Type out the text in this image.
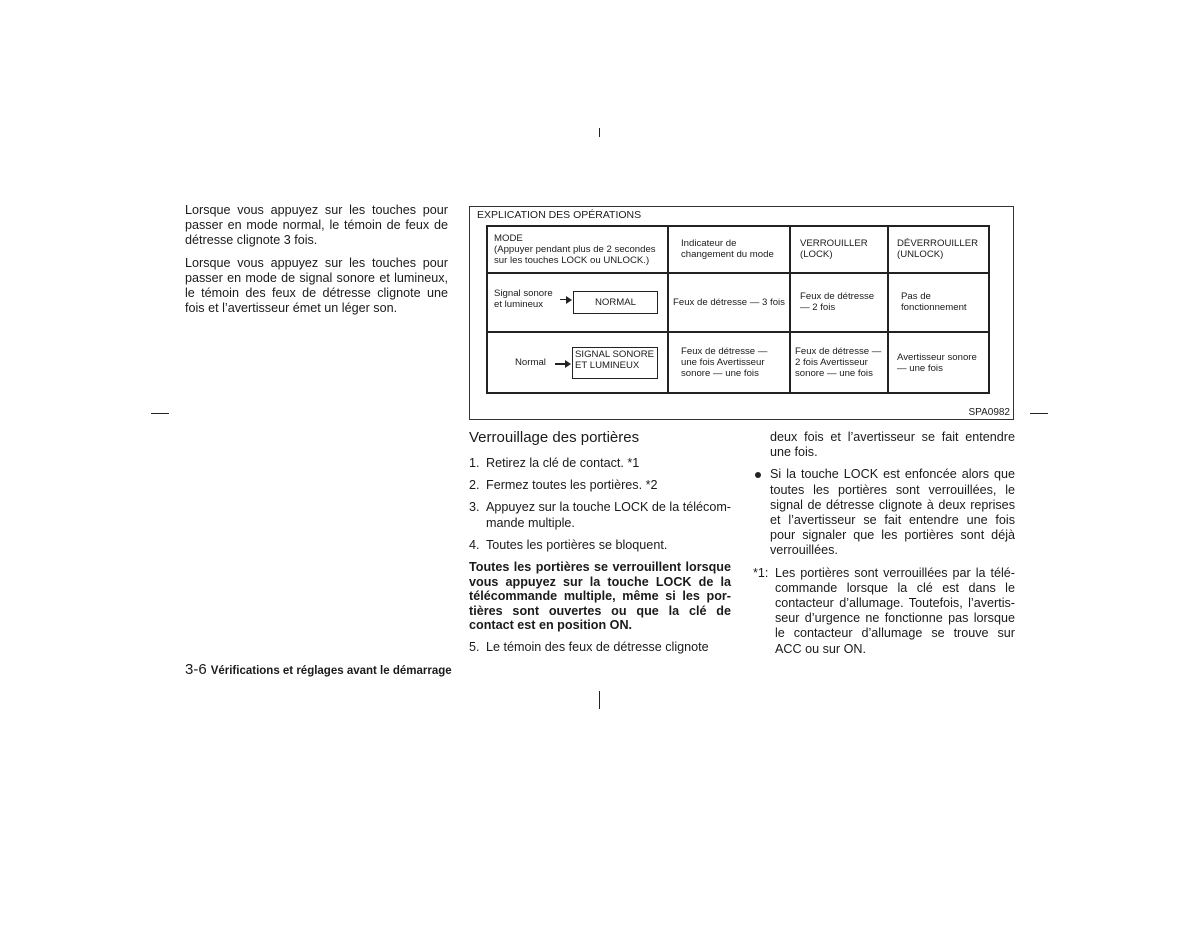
Lorsque vous appuyez sur les touches pour passer en mode normal, le témoin de feux de détresse clignote 3 fois.

Lorsque vous appuyez sur les touches pour passer en mode de signal sonore et lumineux, le témoin des feux de détresse clignote une fois et l’avertisseur émet un léger son.

EXPLICATION DES OPÉRATIONS
MODE
(Appuyer pendant plus de 2 secondes sur les touches LOCK ou UNLOCK.)	Indicateur de changement du mode	VERROUILLER (LOCK)	DÉVERROUILLER (UNLOCK)

Signal sonore et lumineux NORMAL	Feux de détresse — 3 fois	Feux de détresse — 2 fois	Pas de fonctionnement

Normal
SIGNAL SONORE ET LUMINEUX	Feux de détresse — une fois Avertisseur sonore — une fois	Feux de détresse — 2 fois Avertisseur sonore — une fois	Avertisseur sonore — une fois
SPA0982
Verrouillage des portières
1. Retirez la clé de contact. *1
2. Fermez toutes les portières. *2
3. Appuyez sur la touche LOCK de la télécom-mande multiple.
4. Toutes les portières se bloquent.

Toutes les portières se verrouillent lorsque vous appuyez sur la touche LOCK de la télécommande multiple, même si les por-tières sont ouvertes ou que la clé de contact est en position ON.

5. Le témoin des feux de détresse clignote

deux fois et l’avertisseur se fait entendre une fois.

Si la touche LOCK est enfoncée alors que toutes les portières sont verrouillées, le signal de détresse clignote à deux reprises et l’avertisseur se fait entendre une fois pour signaler que les portières sont déjà verrouillées.
*1: Les portières sont verrouillées par la télé-commande lorsque la clé est dans le contacteur d’allumage. Toutefois, l’avertis-seur d’urgence ne fonctionne pas lorsque le contacteur d’allumage se trouve sur ACC ou sur ON.
3-6 Vérifications et réglages avant le démarrage
